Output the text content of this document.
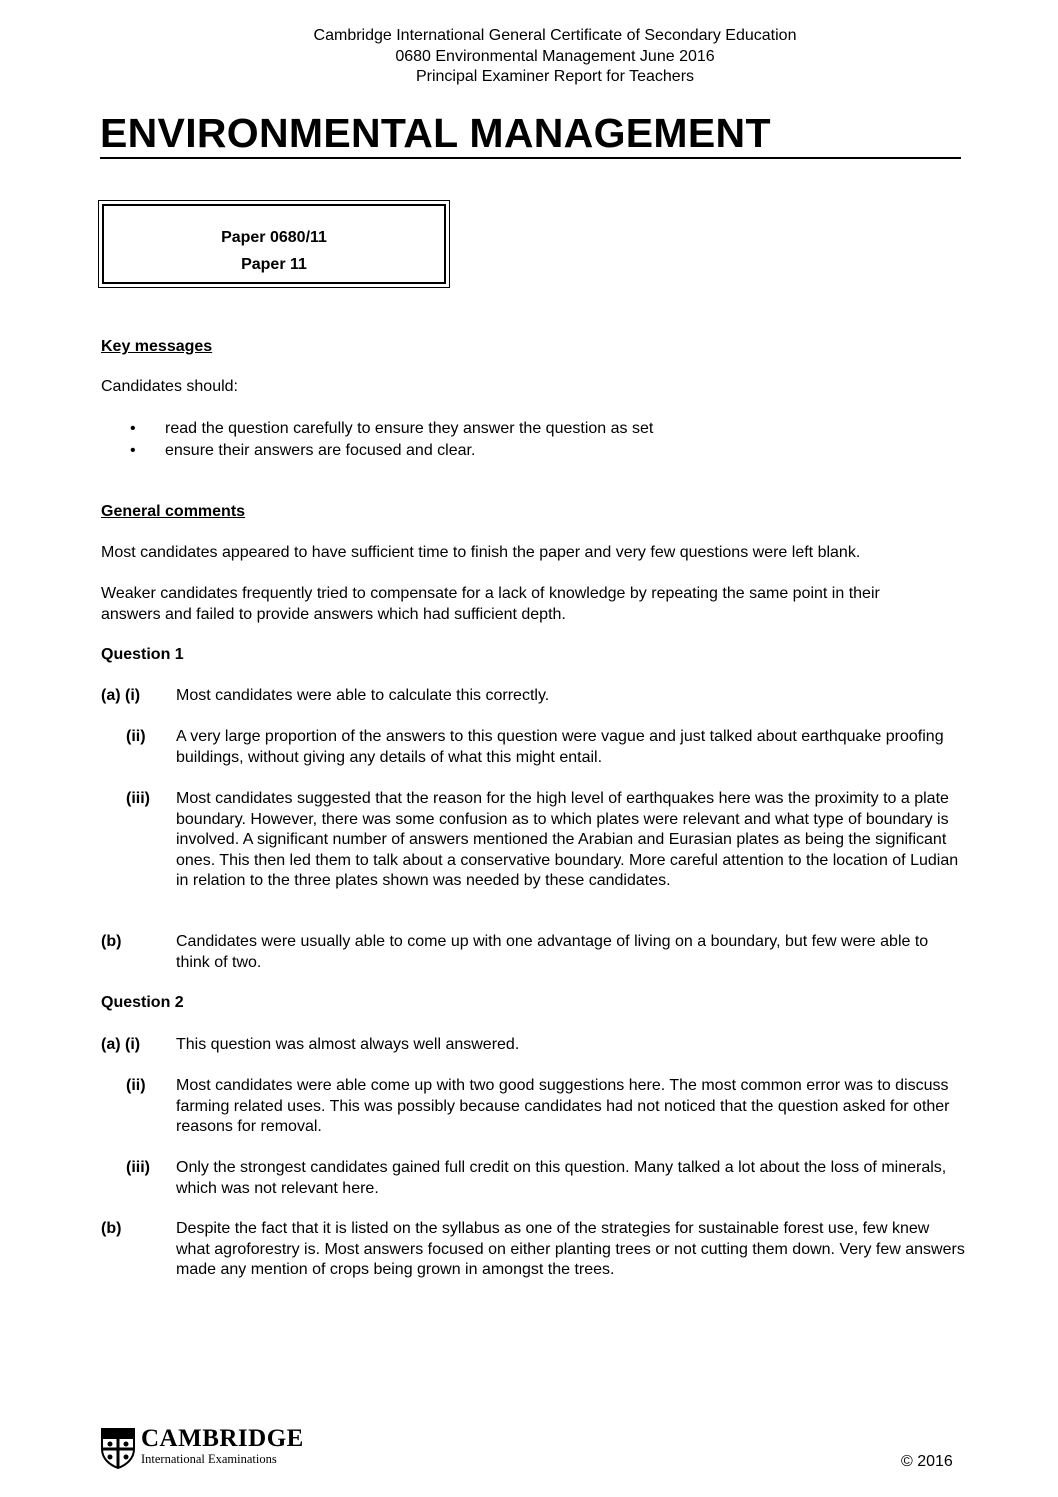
Cambridge International General Certificate of Secondary Education
0680 Environmental Management June 2016
Principal Examiner Report for Teachers
ENVIRONMENTAL MANAGEMENT
Paper 0680/11
Paper 11
Key messages
Candidates should:
• read the question carefully to ensure they answer the question as set
• ensure their answers are focused and clear.
General comments
Most candidates appeared to have sufficient time to finish the paper and very few questions were left blank.
Weaker candidates frequently tried to compensate for a lack of knowledge by repeating the same point in their answers and failed to provide answers which had sufficient depth.
Question 1
(a) (i) Most candidates were able to calculate this correctly.
(ii) A very large proportion of the answers to this question were vague and just talked about earthquake proofing buildings, without giving any details of what this might entail.
(iii) Most candidates suggested that the reason for the high level of earthquakes here was the proximity to a plate boundary. However, there was some confusion as to which plates were relevant and what type of boundary is involved. A significant number of answers mentioned the Arabian and Eurasian plates as being the significant ones. This then led them to talk about a conservative boundary. More careful attention to the location of Ludian in relation to the three plates shown was needed by these candidates.
(b)	Candidates were usually able to come up with one advantage of living on a boundary, but few were able to think of two.
Question 2
(a) (i) This question was almost always well answered.
(ii) Most candidates were able come up with two good suggestions here. The most common error was to discuss farming related uses. This was possibly because candidates had not noticed that the question asked for other reasons for removal.
(iii) Only the strongest candidates gained full credit on this question. Many talked a lot about the loss of minerals, which was not relevant here.
(b)	Despite the fact that it is listed on the syllabus as one of the strategies for sustainable forest use, few knew what agroforestry is. Most answers focused on either planting trees or not cutting them down. Very few answers made any mention of crops being grown in amongst the trees.
CAMBRIDGE
International Examinations	© 2016
